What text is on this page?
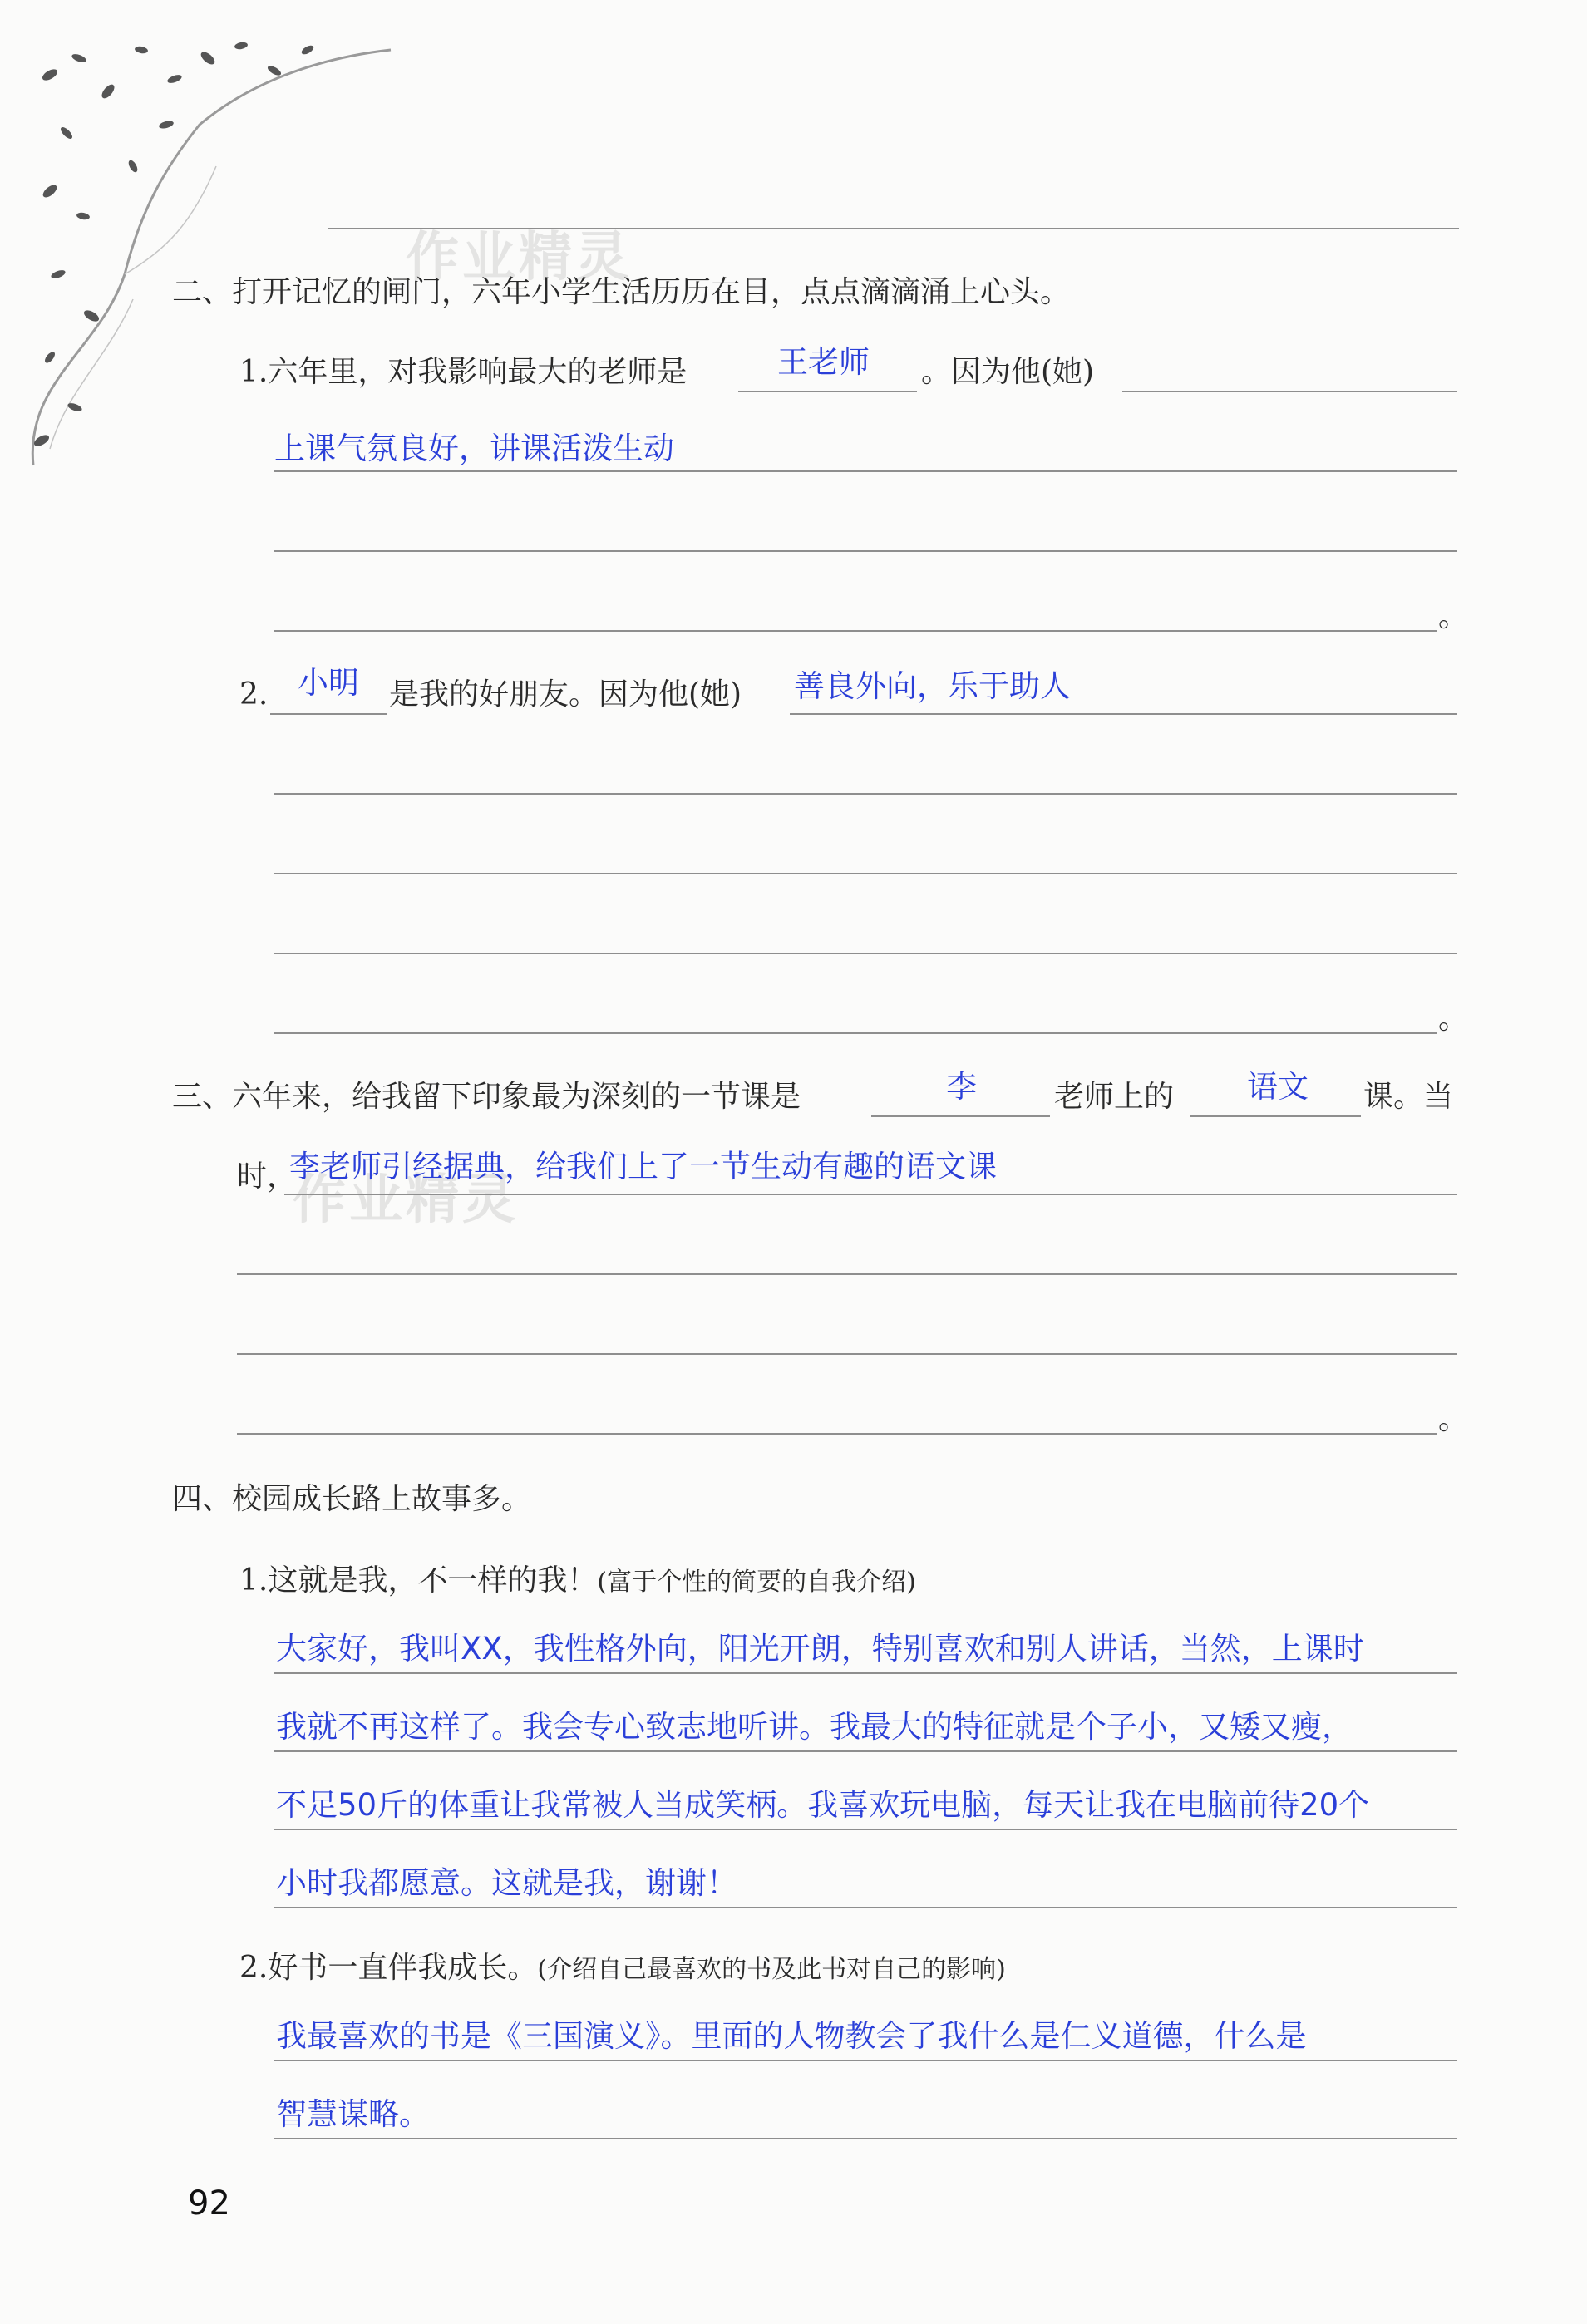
作业精灵
作业精灵
二、打开记忆的闸门，六年小学生活历历在目，点点滴滴涌上心头。
1.六年里，对我影响最大的老师是	王老师 。因为他(她)
上课气氛良好，讲课活泼生动
。
2. 小明 是我的好朋友。因为他(她) 善良外向，乐于助人
。
三、六年来，给我留下印象最为深刻的一节课是	李	老师上的 语文 课。当
时，
李老师引经据典，给我们上了一节生动有趣的语文课
。
四、校园成长路上故事多。
1.这就是我，不一样的我！(富于个性的简要的自我介绍)
大家好，我叫XX，我性格外向，阳光开朗，特别喜欢和别人讲话，当然，上课时
我就不再这样了。我会专心致志地听讲。我最大的特征就是个子小，又矮又瘦，
不足50斤的体重让我常被人当成笑柄。我喜欢玩电脑，每天让我在电脑前待20个
小时我都愿意。这就是我，谢谢！
2.好书一直伴我成长。(介绍自己最喜欢的书及此书对自己的影响)
我最喜欢的书是《三国演义》。里面的人物教会了我什么是仁义道德，什么是
智慧谋略。
92
